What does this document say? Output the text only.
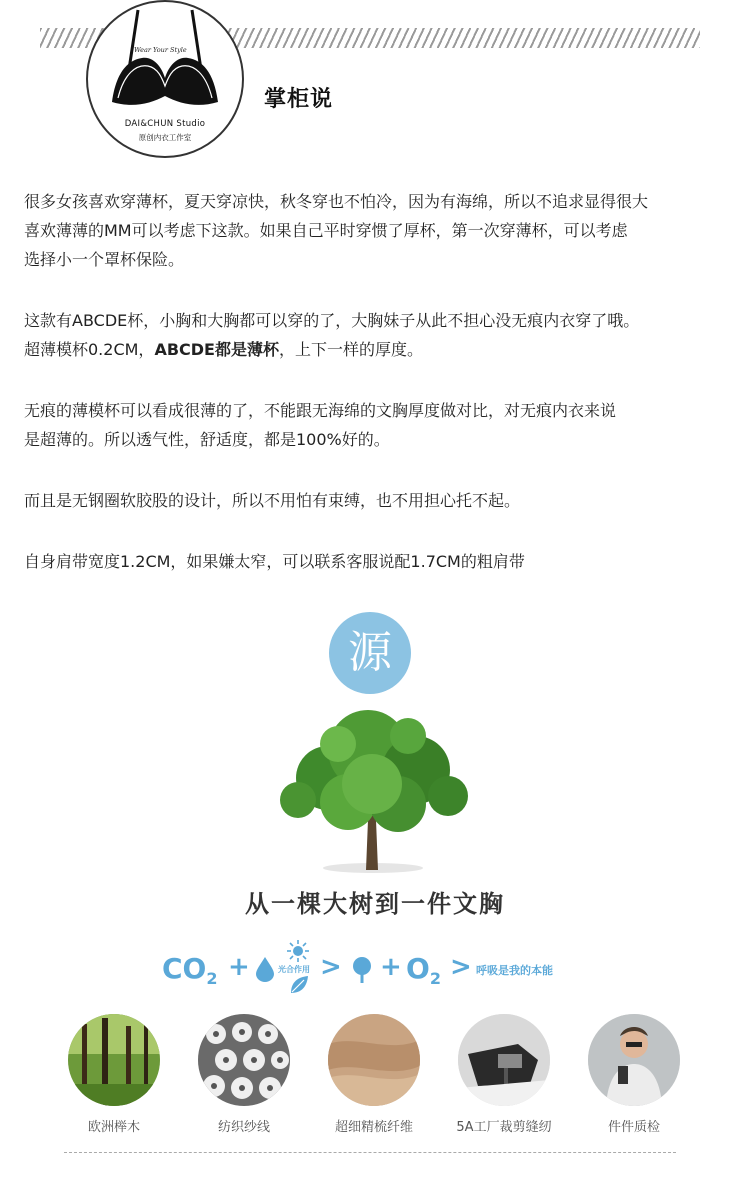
Wear Your Style
DAI&CHUN Studio
原创内衣工作室
掌柜说

很多女孩喜欢穿薄杯，夏天穿凉快，秋冬穿也不怕冷，因为有海绵，所以不追求显得很大

喜欢薄薄的MM可以考虑下这款。如果自己平时穿惯了厚杯，第一次穿薄杯，可以考虑

选择小一个罩杯保险。

这款有ABCDE杯，小胸和大胸都可以穿的了，大胸妹子从此不担心没无痕内衣穿了哦。

超薄模杯0.2CM，ABCDE都是薄杯，上下一样的厚度。

无痕的薄模杯可以看成很薄的了，不能跟无海绵的文胸厚度做对比，对无痕内衣来说

是超薄的。所以透气性，舒适度，都是100%好的。

而且是无钢圈软胶股的设计，所以不用怕有束缚，也不用担心托不起。

自身肩带宽度1.2CM，如果嫌太窄，可以联系客服说配1.7CM的粗肩带

源
从一棵大树到一件文胸
$CO_2$ +	光合作用 > + $O_2$ > 呼吸是我的本能
欧洲榉木	纺织纱线	超细精梳纤维	5A工厂裁剪缝纫	件件质检
